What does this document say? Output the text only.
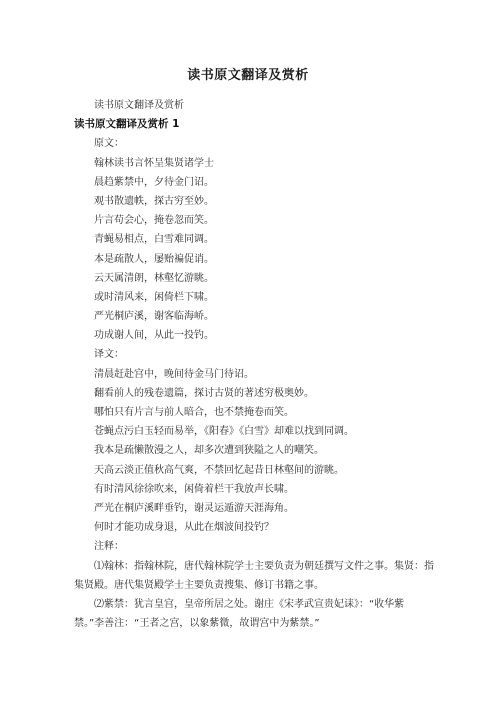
读书原文翻译及赏析
读书原文翻译及赏析
读书原文翻译及赏析 1
原文：
翰林读书言怀呈集贤诸学士
晨趋紫禁中，夕待金门诏。
观书散遗帙，探古穷至妙。
片言苟会心，掩卷忽而笑。
青蝇易相点，白雪难同调。
本是疏散人，屡贻褊促诮。
云天属清朗，林壑忆游眺。
或时清风来，闲倚栏下啸。
严光桐庐溪，谢客临海峤。
功成谢人间，从此一投钓。
译文：
清晨赶赴宫中，晚间待金马门待诏。
翻看前人的残卷遗篇，探讨古贤的著述穷极奥妙。
哪怕只有片言与前人暗合，也不禁掩卷而笑。
苍蝇点污白玉轻而易举，《阳春》《白雪》却难以找到同调。
我本是疏懒散漫之人，却多次遭到狭隘之人的嘲笑。
天高云淡正值秋高气爽，不禁回忆起昔日林壑间的游眺。
有时清风徐徐吹来，闲倚着栏干我放声长啸。
严光在桐庐溪畔垂钓，谢灵运遁游天涯海角。
何时才能功成身退，从此在烟波间投钓？
注释：
⑴翰林：指翰林院，唐代翰林院学士主要负责为朝廷撰写文件之事。集贤：指集贤殿。唐代集贤殿学士主要负责搜集、修订书籍之事。
⑵紫禁：犹言皇宫，皇帝所居之处。谢庄《宋孝武宣贵妃诔》：“收华紫禁。”李善注：“王者之宫，以象紫微，故谓宫中为紫禁。”
